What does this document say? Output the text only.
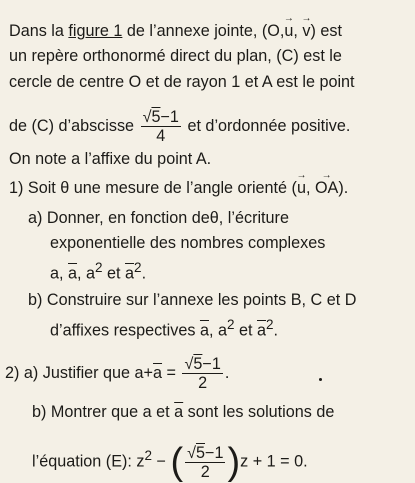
Dans la figure 1 de l’annexe jointe, (O,→ u, → v) est
un repère orthonormé direct du plan, (C) est le
cercle de centre O et de rayon 1 et A est le point
de (C) d’abscisse $\frac{√5-1}{4}$ et d’ordonnée positive.
On note a l’affixe du point A.
1) Soit θ une mesure de l’angle orienté (→ u, → OA).
a) Donner, en fonction deθ, l’écriture
exponentielle des nombres complexes
a, $\overline{a}$, $a^2$ et $\overline{a}^2$.
b) Construire sur l’annexe les points B, C et D
d’affixes respectives $\overline{a}$, $a^2$ et $\overline{a}^2$.
2) a) Justifier que $a+\overline{a} = \frac{√5-1}{2}$ .
b) Montrer que a et $\overline{a}$ sont les solutions de
l’équation (E): $z^2$ − ( $\frac{√5-1}{2} )z + 1 = 0$.
